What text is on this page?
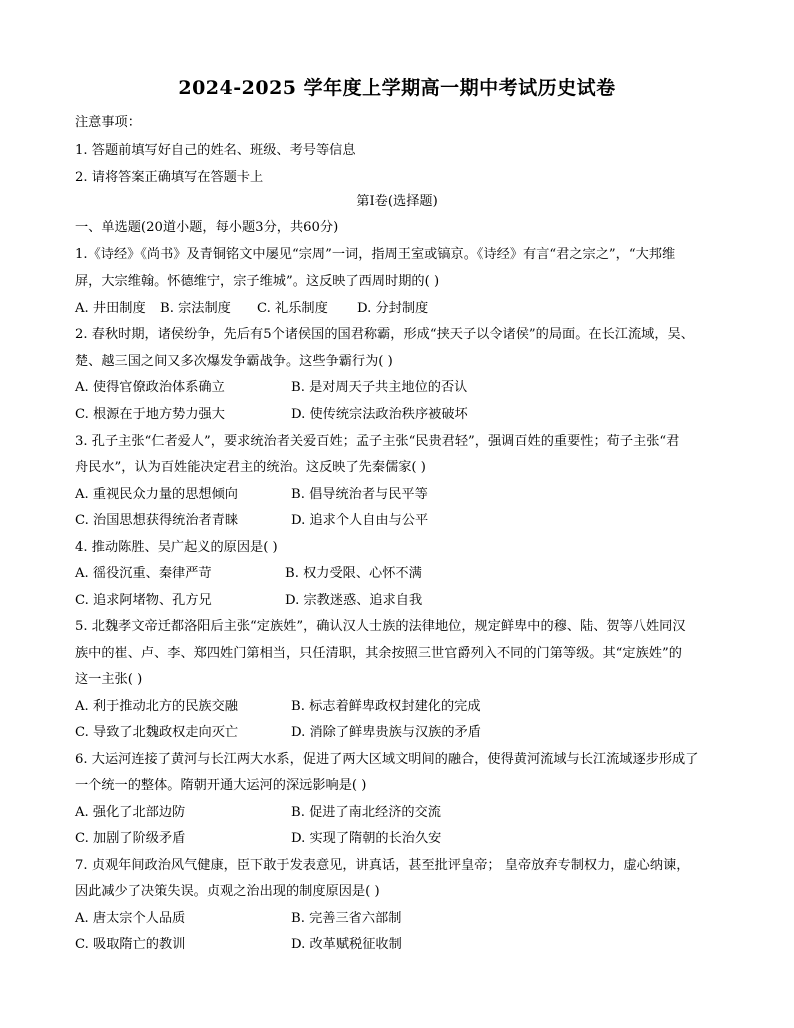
2024-2025 学年度上学期高一期中考试历史试卷
注意事项：
1. 答题前填写好自己的姓名、班级、考号等信息
2. 请将答案正确填写在答题卡上
第Ⅰ卷(选择题)
一、单选题(20道小题，每小题3分，共60分)
1.《诗经》《尚书》及青铜铭文中屡见“宗周”一词，指周王室或镐京。《诗经》有言“君之宗之”，“大邦维
屏，大宗维翰。怀德维宁，宗子维城”。这反映了西周时期的( )
A. 井田制度 B. 宗法制度 C. 礼乐制度 D. 分封制度
2. 春秋时期，诸侯纷争，先后有5个诸侯国的国君称霸，形成“挟天子以令诸侯”的局面。在长江流域，吴、
楚、越三国之间又多次爆发争霸战争。这些争霸行为( )
A. 使得官僚政治体系确立	B. 是对周天子共主地位的否认
C. 根源在于地方势力强大	D. 使传统宗法政治秩序被破坏
3. 孔子主张“仁者爱人”，要求统治者关爱百姓；孟子主张“民贵君轻”，强调百姓的重要性；荀子主张“君
舟民水”，认为百姓能决定君主的统治。这反映了先秦儒家( )
A. 重视民众力量的思想倾向	B. 倡导统治者与民平等
C. 治国思想获得统治者青睐	D. 追求个人自由与公平
4. 推动陈胜、吴广起义的原因是( )
A. 徭役沉重、秦律严苛	B. 权力受限、心怀不满
C. 追求阿堵物、孔方兄	D. 宗教迷惑、追求自我
5. 北魏孝文帝迁都洛阳后主张“定族姓”，确认汉人士族的法律地位，规定鲜卑中的穆、陆、贺等八姓同汉
族中的崔、卢、李、郑四姓门第相当，只任清职，其余按照三世官爵列入不同的门第等级。其“定族姓”的
这一主张( )
A. 利于推动北方的民族交融	B. 标志着鲜卑政权封建化的完成
C. 导致了北魏政权走向灭亡	D. 消除了鲜卑贵族与汉族的矛盾
6. 大运河连接了黄河与长江两大水系，促进了两大区域文明间的融合，使得黄河流域与长江流域逐步形成了
一个统一的整体。隋朝开通大运河的深远影响是( )
A. 强化了北部边防	B. 促进了南北经济的交流
C. 加剧了阶级矛盾	D. 实现了隋朝的长治久安
7. 贞观年间政治风气健康，臣下敢于发表意见，讲真话，甚至批评皇帝； 皇帝放弃专制权力，虚心纳谏，
因此减少了决策失误。贞观之治出现的制度原因是( )
A. 唐太宗个人品质	B. 完善三省六部制
C. 吸取隋亡的教训	D. 改革赋税征收制
